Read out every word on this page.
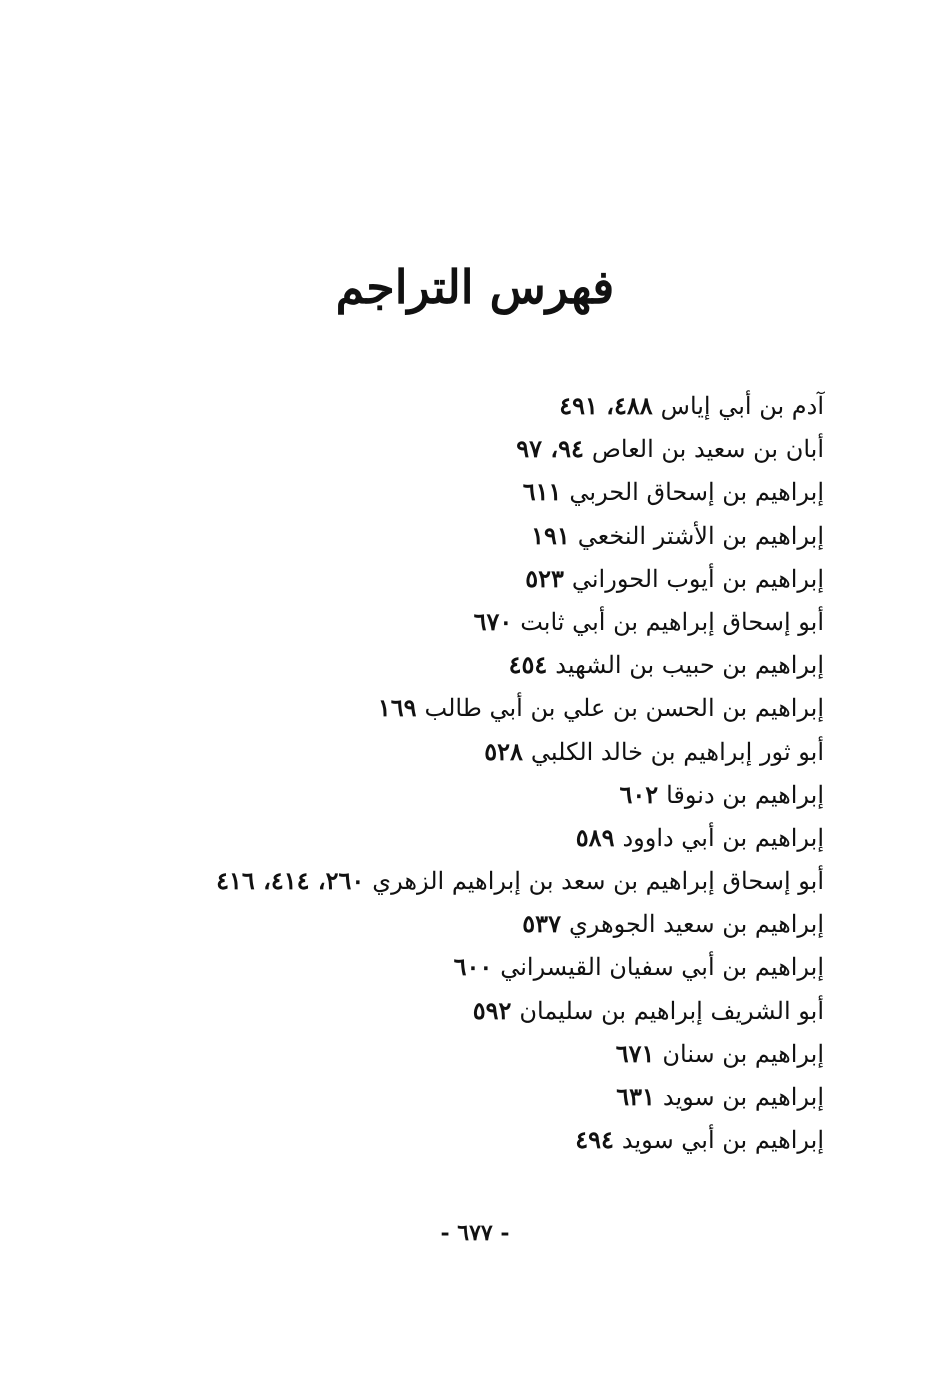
فهرس التراجم
آدم بن أبي إياس٤٨٨، ٤٩١
أبان بن سعيد بن العاص٩٤، ٩٧
إبراهيم بن إسحاق الحربي٦١١
إبراهيم بن الأشتر النخعي١٩١
إبراهيم بن أيوب الحوراني٥٢٣
أبو إسحاق إبراهيم بن أبي ثابت٦٧٠
إبراهيم بن حبيب بن الشهيد٤٥٤
إبراهيم بن الحسن بن علي بن أبي طالب١٦٩
أبو ثور إبراهيم بن خالد الكلبي٥٢٨
إبراهيم بن دنوقا٦٠٢
إبراهيم بن أبي داوود٥٨٩
أبو إسحاق إبراهيم بن سعد بن إبراهيم الزهري٢٦٠، ٤١٤، ٤١٦
إبراهيم بن سعيد الجوهري٥٣٧
إبراهيم بن أبي سفيان القيسراني٦٠٠
أبو الشريف إبراهيم بن سليمان٥٩٢
إبراهيم بن سنان٦٧١
إبراهيم بن سويد٦٣١
إبراهيم بن أبي سويد٤٩٤
- ٦٧٧ -
